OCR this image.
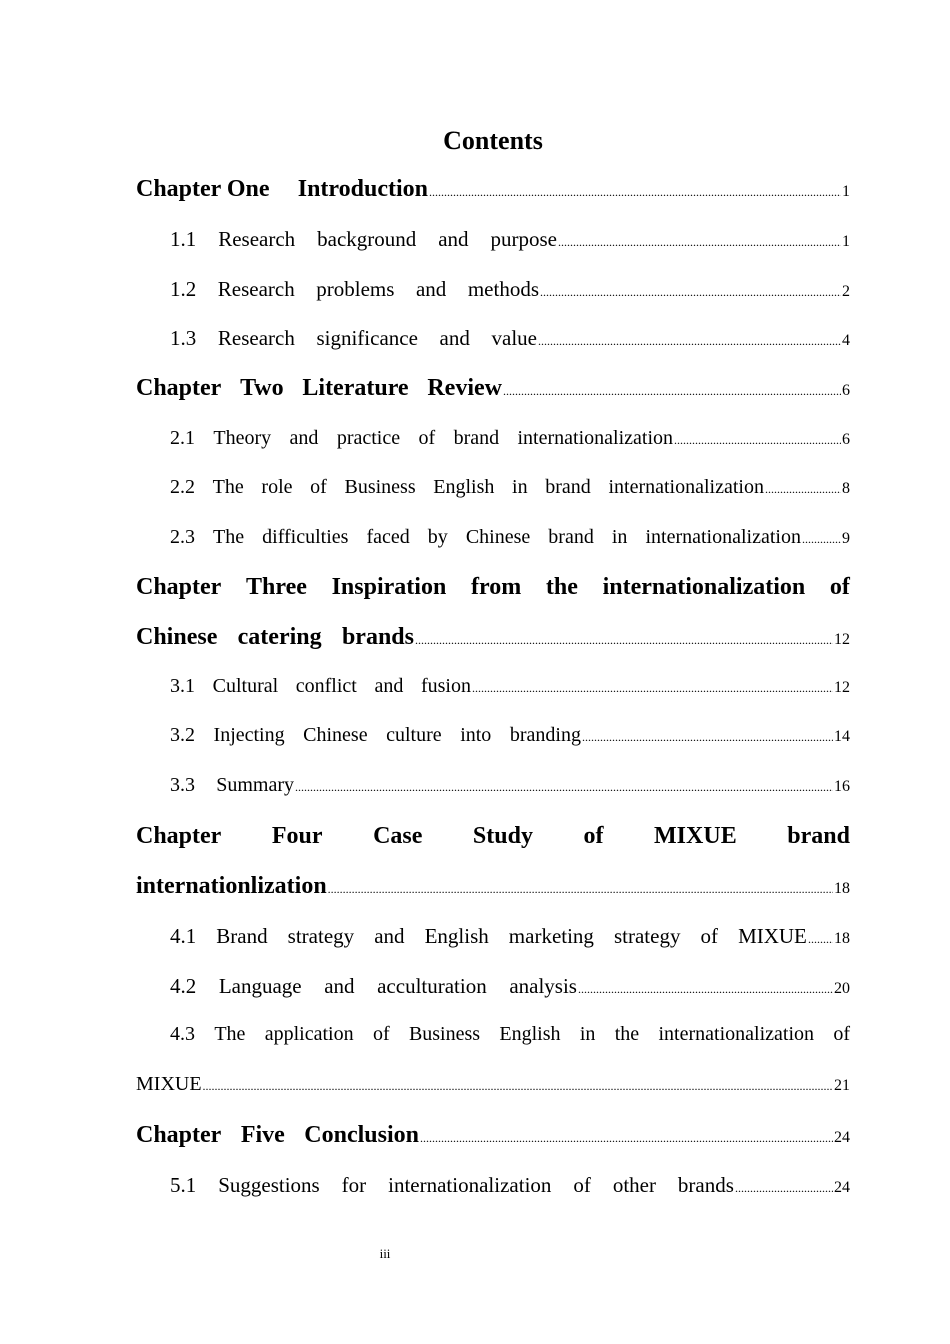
Contents
Chapter One Introduction .....	1
1.1 Research background and purpose .....	1
1.2 Research problems and methods .....	2
1.3 Research significance and value .....	4
Chapter Two Literature Review .....	6
2.1 Theory and practice of brand internationalization .....	6
2.2 The role of Business English in brand internationalization .....	8
2.3 The difficulties faced by Chinese brand in internationalization .....	9
Chapter Three Inspiration from the internationalization of
Chinese catering brands .....	12
3.1 Cultural conflict and fusion .....	12
3.2 Injecting Chinese culture into branding .....	14
3.3 Summary .....	16
Chapter Four Case Study of MIXUE brand
internationlization .....	18
4.1 Brand strategy and English marketing strategy of MIXUE ..... 18
4.2 Language and acculturation analysis .....	20
4.3 The application of Business English in the internationalization of
MIXUE .....	21
Chapter Five Conclusion .....	24
5.1 Suggestions for internationalization of other brands .....	24
iii
